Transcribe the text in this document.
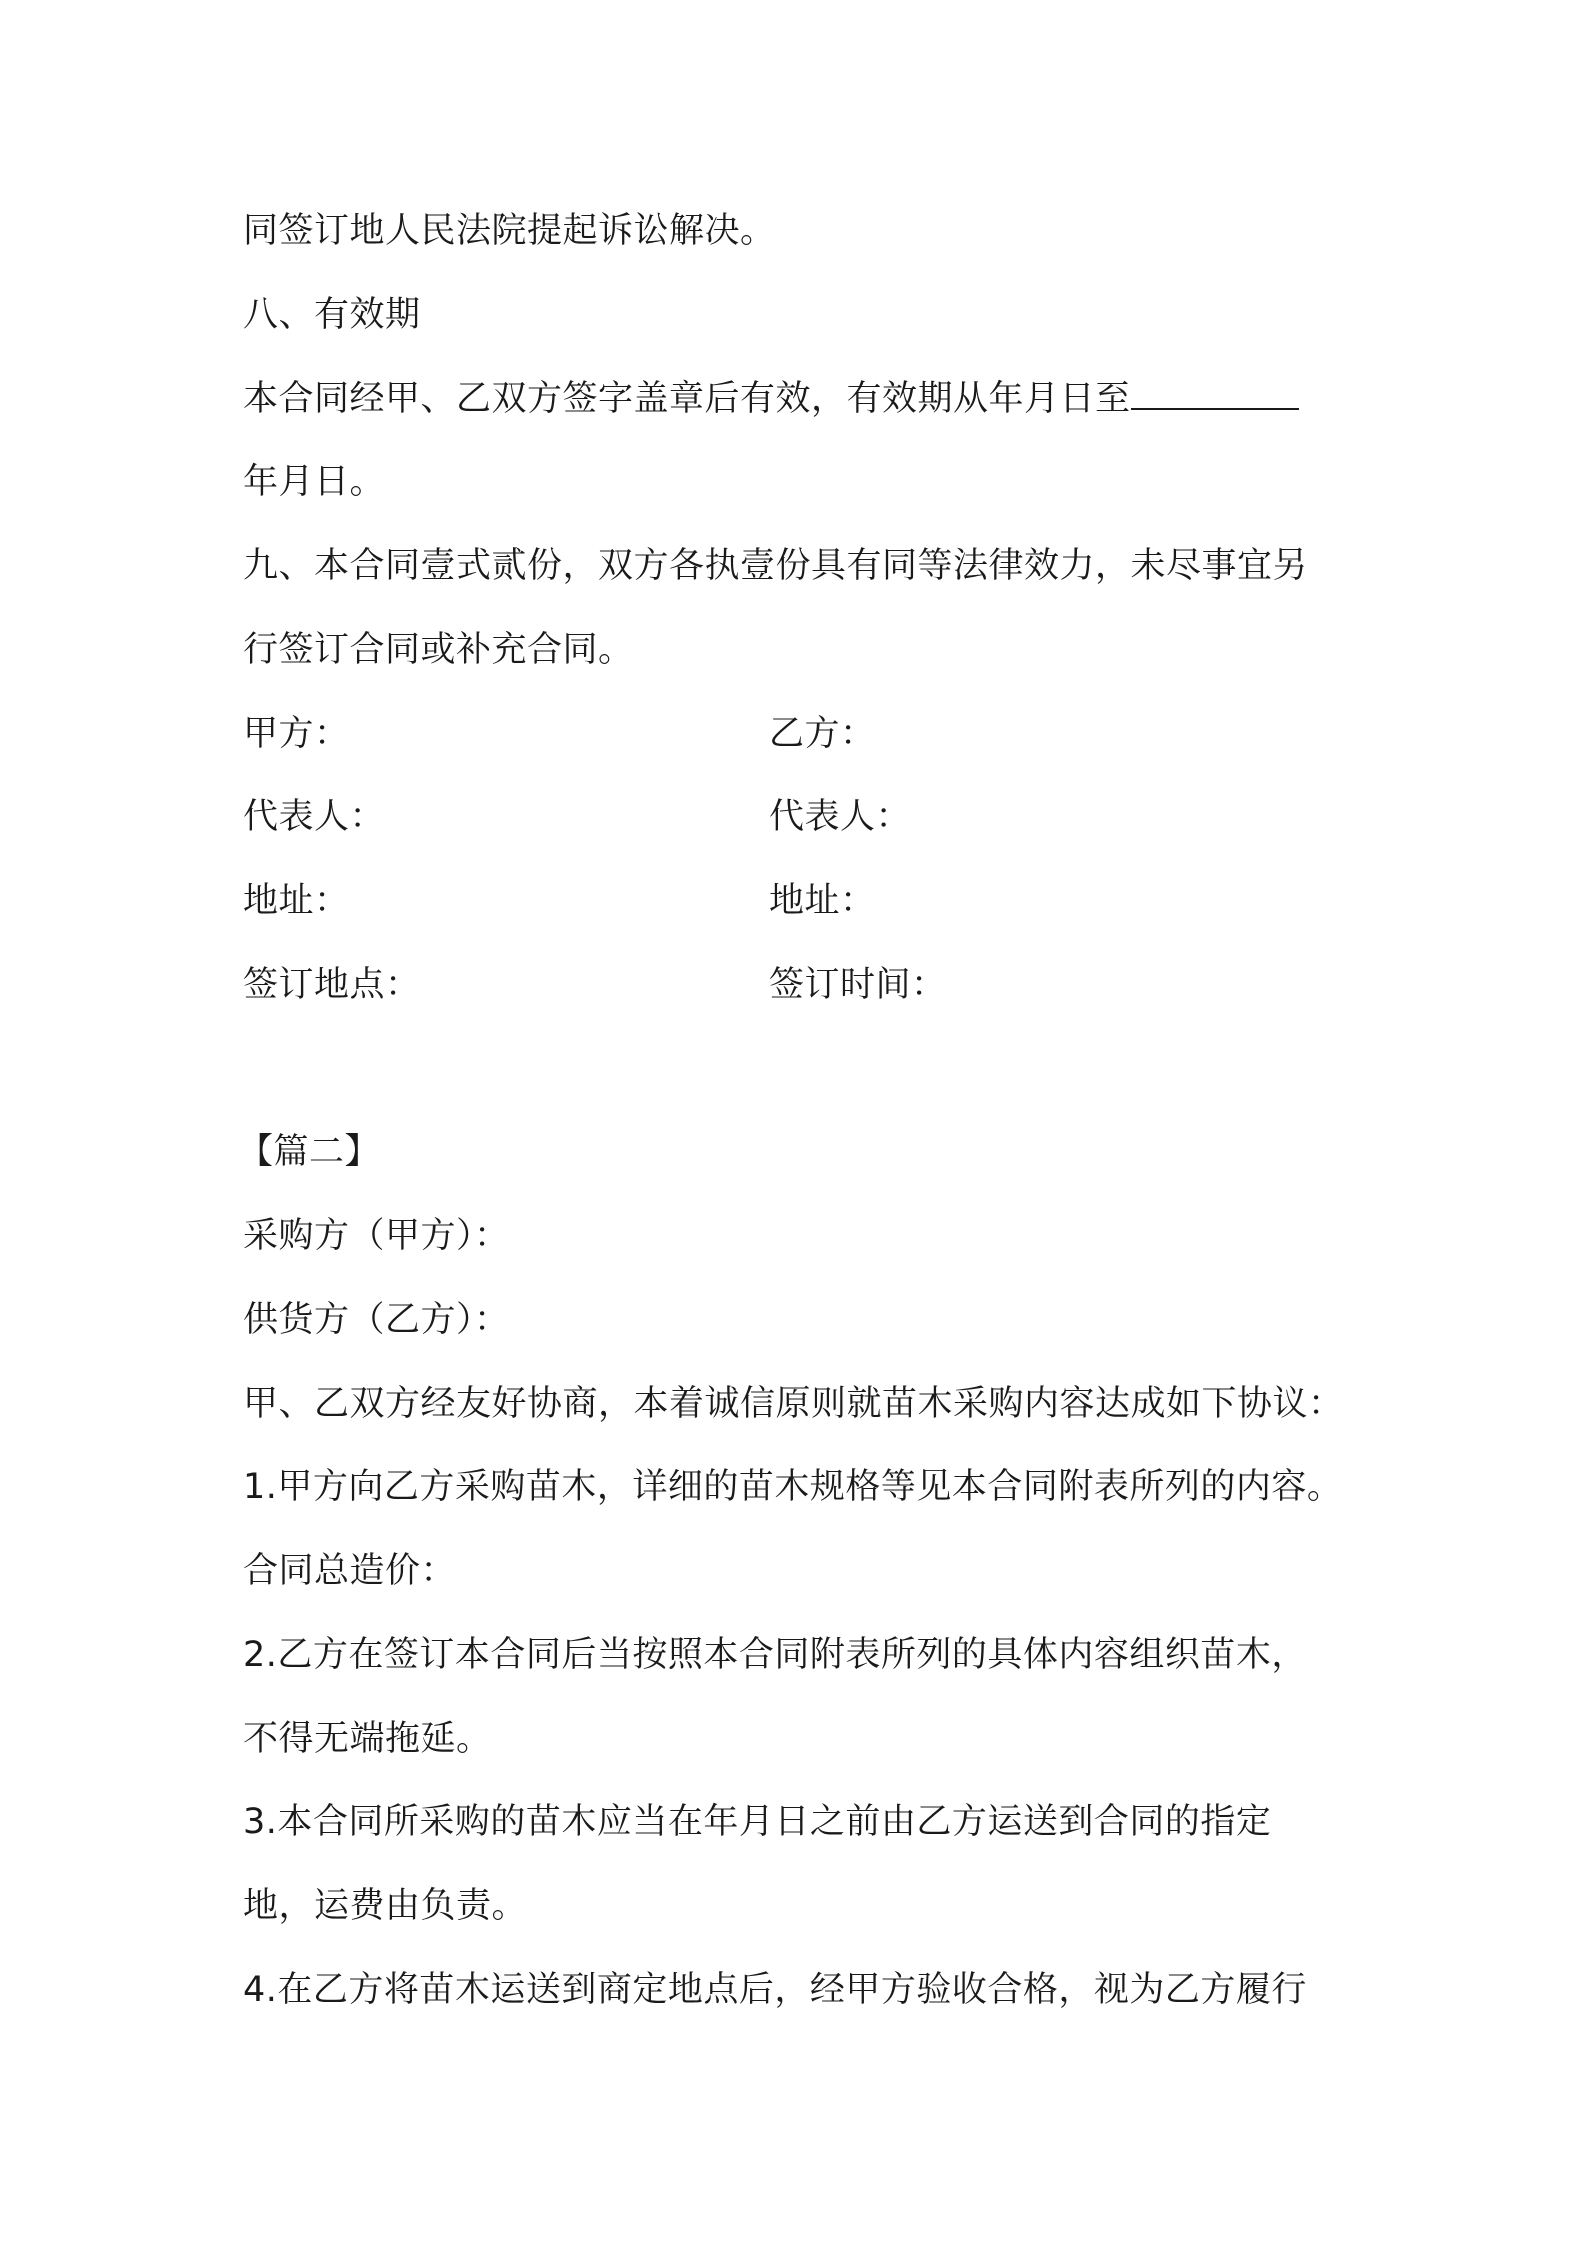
同签订地人民法院提起诉讼解决。
八、有效期
本合同经甲、乙双方签字盖章后有效，有效期从年月日至
年月日。
九、本合同壹式贰份，双方各执壹份具有同等法律效力，未尽事宜另
行签订合同或补充合同。
甲方：	乙方：
代表人：	代表人：
地址：	地址：
签订地点：	签订时间：
【篇二】
采购方（甲方）：
供货方（乙方）：
甲、乙双方经友好协商，本着诚信原则就苗木采购内容达成如下协议：
1.甲方向乙方采购苗木，详细的苗木规格等见本合同附表所列的内容。
合同总造价：
2.乙方在签订本合同后当按照本合同附表所列的具体内容组织苗木，
不得无端拖延。
3.本合同所采购的苗木应当在年月日之前由乙方运送到合同的指定
地，运费由负责。
4.在乙方将苗木运送到商定地点后，经甲方验收合格，视为乙方履行
